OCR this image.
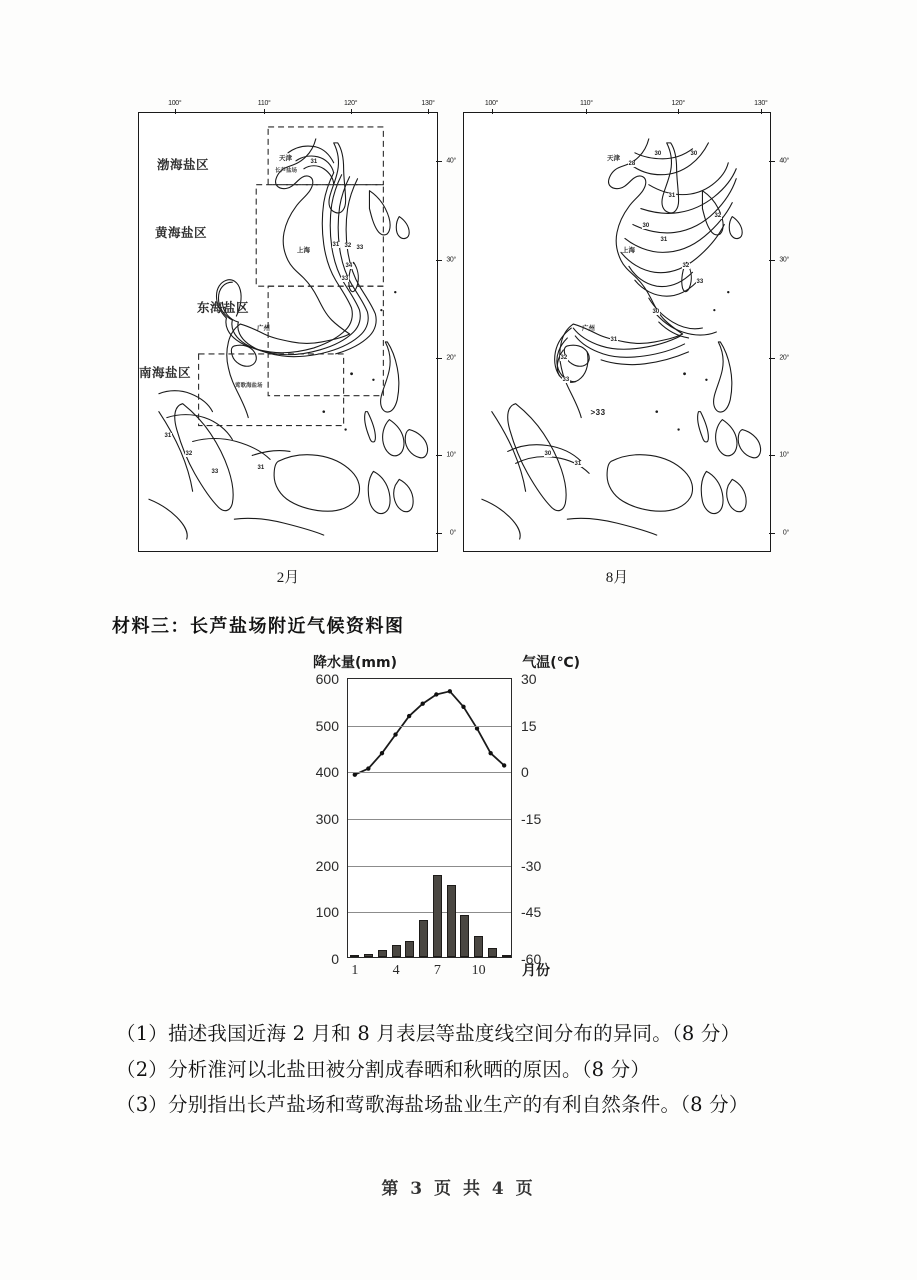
100°	110°	120°	130°
40°
30°
20°
10°
0°
渤海盐区
黄海盐区
东海盐区
南海盐区
天津
上海
广州
长芦盐场
莺歌海盐场
31
31 32 33
34
33
31
32
33
31
2月
100°	110°	120°	130°
40°
30°
20°
10°
0°
天津
上海
广州
28
30	30
31
32
30
31
32
33
30
31
32
33
30
31
>33
8月
材料三：长芦盐场附近气候资料图
降水量(mm)	气温(℃)
0
100
200
300
400
500
600
-60
-45
-30
-15
0
15
30
1 4 7 10	月份
（1）描述我国近海 2 月和 8 月表层等盐度线空间分布的异同。（8 分）
（2）分析淮河以北盐田被分割成春晒和秋晒的原因。（8 分）
（3）分别指出长芦盐场和莺歌海盐场盐业生产的有利自然条件。（8 分）
第 3 页 共 4 页
